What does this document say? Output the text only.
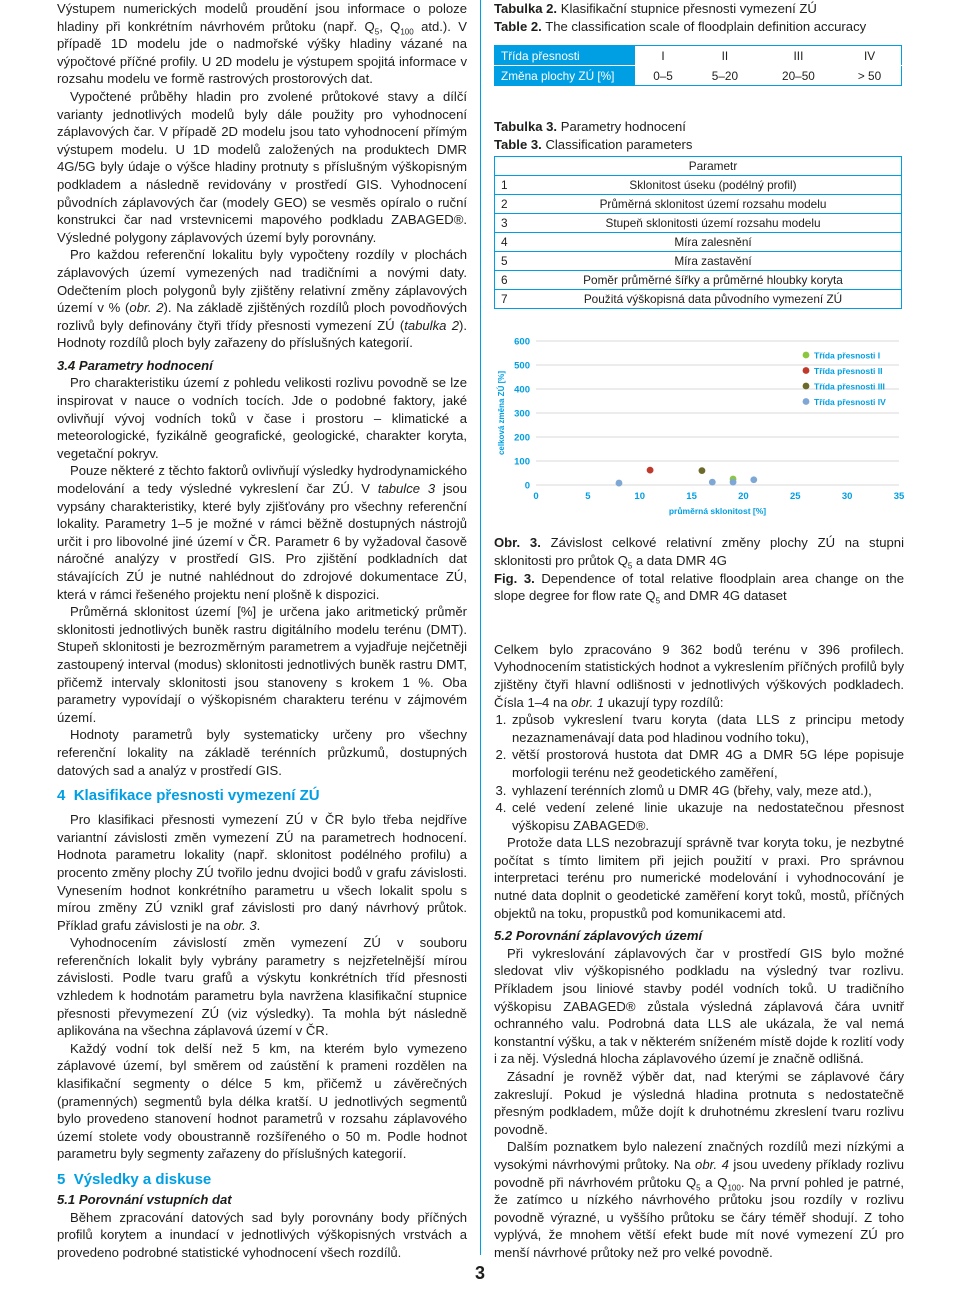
Výstupem numerických modelů proudění jsou informace o poloze hladiny při konkrétním návrhovém průtoku (např. $Q_5$, $Q_{100}$ atd.). V případě 1D modelu jde o nadmořské výšky hladiny vázané na výpočtové příčné profily. U 2D modelu je výstupem spojitá informace v rozsahu modelu ve formě rastrových prostorových dat.

Vypočtené průběhy hladin pro zvolené průtokové stavy a dílčí varianty jednotlivých modelů byly dále použity pro vyhodnocení záplavových čar. V případě 2D modelu jsou tato vyhodnocení přímým výstupem modelu. U 1D modelů založených na produktech DMR 4G/5G byly údaje o výšce hladiny protnuty s příslušným výškopisným podkladem a následně revidovány v prostředí GIS. Vyhodnocení původních záplavových čar (modely GEO) se vesměs opíralo o ruční konstrukci čar nad vrstevnicemi mapového podkladu ZABAGED®. Výsledné polygony záplavových území byly porovnány.

Pro každou referenční lokalitu byly vypočteny rozdíly v plochách záplavových území vymezených nad tradičními a novými daty. Odečtením ploch polygonů byly zjištěny relativní změny záplavových území v % (obr. 2). Na základě zjištěných rozdílů ploch povodňových rozlivů byly definovány čtyři třídy přesnosti vymezení ZÚ (tabulka 2). Hodnoty rozdílů ploch byly zařazeny do příslušných kategorií.

3.4 Parametry hodnocení

Pro charakteristiku území z pohledu velikosti rozlivu povodně se lze inspirovat v nauce o vodních tocích. Jde o podobné faktory, jaké ovlivňují vývoj vodních toků v čase i prostoru – klimatické a meteorologické, fyzikálně geografické, geologické, charakter koryta, vegetační pokryv.

Pouze některé z těchto faktorů ovlivňují výsledky hydrodynamického modelování a tedy výsledné vykreslení čar ZÚ. V tabulce 3 jsou vypsány charakteristiky, které byly zjišťovány pro všechny referenční lokality. Parametry 1–5 je možné v rámci běžně dostupných nástrojů určit i pro libovolné jiné území v ČR. Parametr 6 by vyžadoval časově náročné analýzy v prostředí GIS. Pro zjištění podkladních dat stávajících ZÚ je nutné nahlédnout do zdrojové dokumentace ZÚ, která v rámci řešeného projektu není plošně k dispozici.

Průměrná sklonitost území [%] je určena jako aritmetický průměr sklonitosti jednotlivých buněk rastru digitálního modelu terénu (DMT). Stupeň sklonitosti je bezrozměrným parametrem a vyjadřuje nejčetněji zastoupený interval (modus) sklonitosti jednotlivých buněk rastru DMT, přičemž intervaly sklonitosti jsou stanoveny s krokem 1 %. Oba parametry vypovídají o výškopisném charakteru terénu v zájmovém území.

Hodnoty parametrů byly systematicky určeny pro všechny referenční lokality na základě terénních průzkumů, dostupných datových sad a analýz v prostředí GIS.

4 Klasifikace přesnosti vymezení ZÚ

Pro klasifikaci přesnosti vymezení ZÚ v ČR bylo třeba nejdříve variantní závislosti změn vymezení ZÚ na parametrech hodnocení. Hodnota parametru lokality (např. sklonitost podélného profilu) a procento změny plochy ZÚ tvořilo jednu dvojici bodů v grafu závislosti. Vynesením hodnot konkrétního parametru u všech lokalit spolu s mírou změny ZÚ vznikl graf závislosti pro daný návrhový průtok. Příklad grafu závislosti je na obr. 3.

Vyhodnocením závislostí změn vymezení ZÚ v souboru referenčních lokalit byly vybrány parametry s nejzřetelnější mírou závislosti. Podle tvaru grafů a výskytu konkrétních tříd přesnosti vzhledem k hodnotám parametru byla navržena klasifikační stupnice přesnosti převymezení ZÚ (viz výsledky). Ta mohla být následně aplikována na všechna záplavová území v ČR.

Každý vodní tok delší než 5 km, na kterém bylo vymezeno záplavové území, byl směrem od zaústění k prameni rozdělen na klasifikační segmenty o délce 5 km, přičemž u závěrečných (pramenných) segmentů byla délka kratší. U jednotlivých segmentů bylo provedeno stanovení hodnot parametrů v rozsahu záplavového území stolete vody oboustranně rozšířeného o 50 m. Podle hodnot parametru byly segmenty zařazeny do příslušných kategorií.

5 Výsledky a diskuse
5.1 Porovnání vstupních dat

Během zpracování datových sad byly porovnány body příčných profilů korytem a inundací v jednotlivých výškopisných vrstvách a provedeno podrobné statistické vyhodnocení všech rozdílů.

Tabulka 2. Klasifikační stupnice přesnosti vymezení ZÚ

Table 2. The classification scale of floodplain definition accuracy

Třída přesnosti	I	II	III	IV
Změna plochy ZÚ [%]	0–5	5–20	20–50	> 50

Tabulka 3. Parametry hodnocení

Table 3. Classification parameters

	Parametr
1	Sklonitost úseku (podélný profil)
2	Průměrná sklonitost území rozsahu modelu
3	Stupeň sklonitosti území rozsahu modelu
4	Míra zalesnění
5	Míra zastavění
6	Poměr průměrné šířky a průměrné hloubky koryta
7	Použitá výškopisná data původního vymezení ZÚ
0
100
200
300
400
500
600
0	5	10	15	20	25	30	35
průměrná sklonitost [%]
celková změna ZÚ [%]
Třída přesnosti I
Třída přesnosti II
Třída přesnosti III
Třída přesnosti IV

Obr. 3. Závislost celkové relativní změny plochy ZÚ na stupni sklonitosti pro průtok $Q_5$ a data DMR 4G

Fig. 3. Dependence of total relative floodplain area change on the slope degree for flow rate $Q_5$ and DMR 4G dataset

Celkem bylo zpracováno 9 362 bodů terénu v 396 profilech. Vyhodnocením statistických hodnot a vykreslením příčných profilů byly zjištěny čtyři hlavní odlišnosti v jednotlivých výškových podkladech. Čísla 1–4 na obr. 1 ukazují typy rozdílů:

1. způsob vykreslení tvaru koryta (data LLS z principu metody nezaznamenávají data pod hladinou vodního toku),
2. větší prostorová hustota dat DMR 4G a DMR 5G lépe popisuje morfologii terénu než geodetického zaměření,
3. vyhlazení terénních zlomů u DMR 4G (břehy, valy, meze atd.),
4. celé vedení zelené linie ukazuje na nedostatečnou přesnost výškopisu ZABAGED®.

Protože data LLS nezobrazují správně tvar koryta toku, je nezbytné počítat s tímto limitem při jejich použití v praxi. Pro správnou interpretaci terénu pro numerické modelování i vyhodnocování je nutné data doplnit o geodetické zaměření koryt toků, mostů, příčných objektů na toku, propustků pod komunikacemi atd.

5.2 Porovnání záplavových území

Při vykreslování záplavových čar v prostředí GIS bylo možné sledovat vliv výškopisného podkladu na výsledný tvar rozlivu. Příkladem jsou liniové stavby podél vodních toků. U tradičního výškopisu ZABAGED® zůstala výsledná záplavová čára uvnitř ochranného valu. Podrobná data LLS ale ukázala, že val nemá konstantní výšku, a tak v některém sníženém místě dojde k rozlití vody i za něj. Výsledná hlocha záplavového území je značně odlišná.

Zásadní je rovněž výběr dat, nad kterými se záplavové čáry zakreslují. Pokud je výsledná hladina protnuta s nedostatečně přesným podkladem, může dojít k druhotnému zkreslení tvaru rozlivu povodně.

Dalším poznatkem bylo nalezení značných rozdílů mezi nízkými a vysokými návrhovými průtoky. Na obr. 4 jsou uvedeny příklady rozlivu povodně při návrhovém průtoku $Q_5$ a $Q_{100}$. Na první pohled je patrné, že zatímco u nízkého návrhového průtoku jsou rozdíly v rozlivu povodně výrazné, u vyššího průtoku se čáry téměř shodují. Z toho vyplývá, že mnohem větší efekt bude mít nové vymezení ZÚ pro menší návrhové průtoky než pro velké povodně.

3
